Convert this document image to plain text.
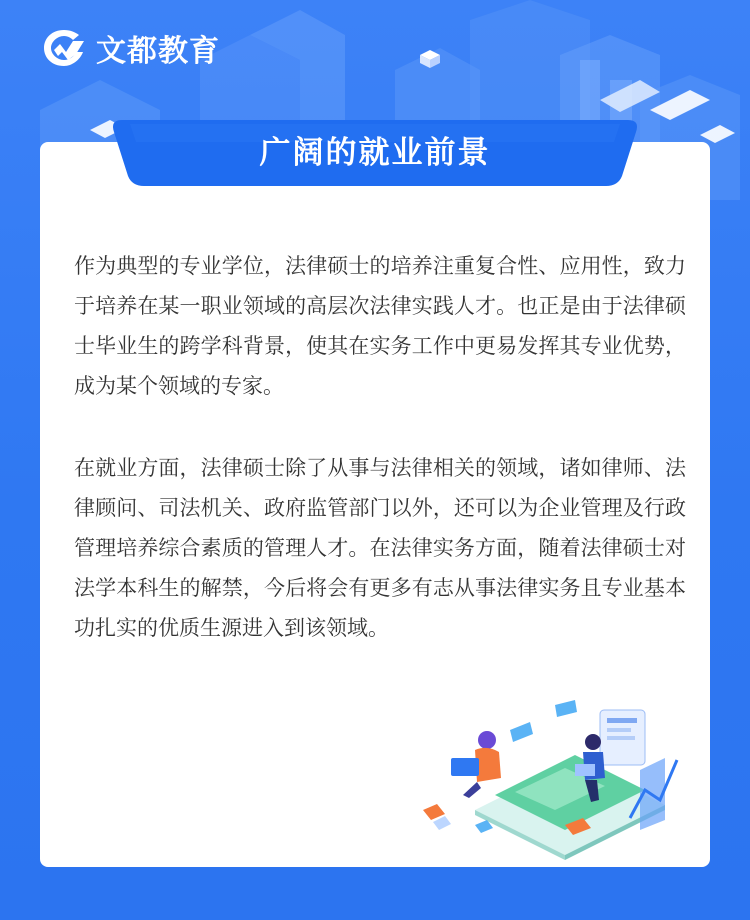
文都教育
广阔的就业前景

作为典型的专业学位，法律硕士的培养注重复合性、应用性，致力于培养在某一职业领域的高层次法律实践人才。也正是由于法律硕士毕业生的跨学科背景，使其在实务工作中更易发挥其专业优势，成为某个领域的专家。

在就业方面，法律硕士除了从事与法律相关的领域，诸如律师、法律顾问、司法机关、政府监管部门以外，还可以为企业管理及行政管理培养综合素质的管理人才。在法律实务方面，随着法律硕士对法学本科生的解禁，今后将会有更多有志从事法律实务且专业基本功扎实的优质生源进入到该领域。
